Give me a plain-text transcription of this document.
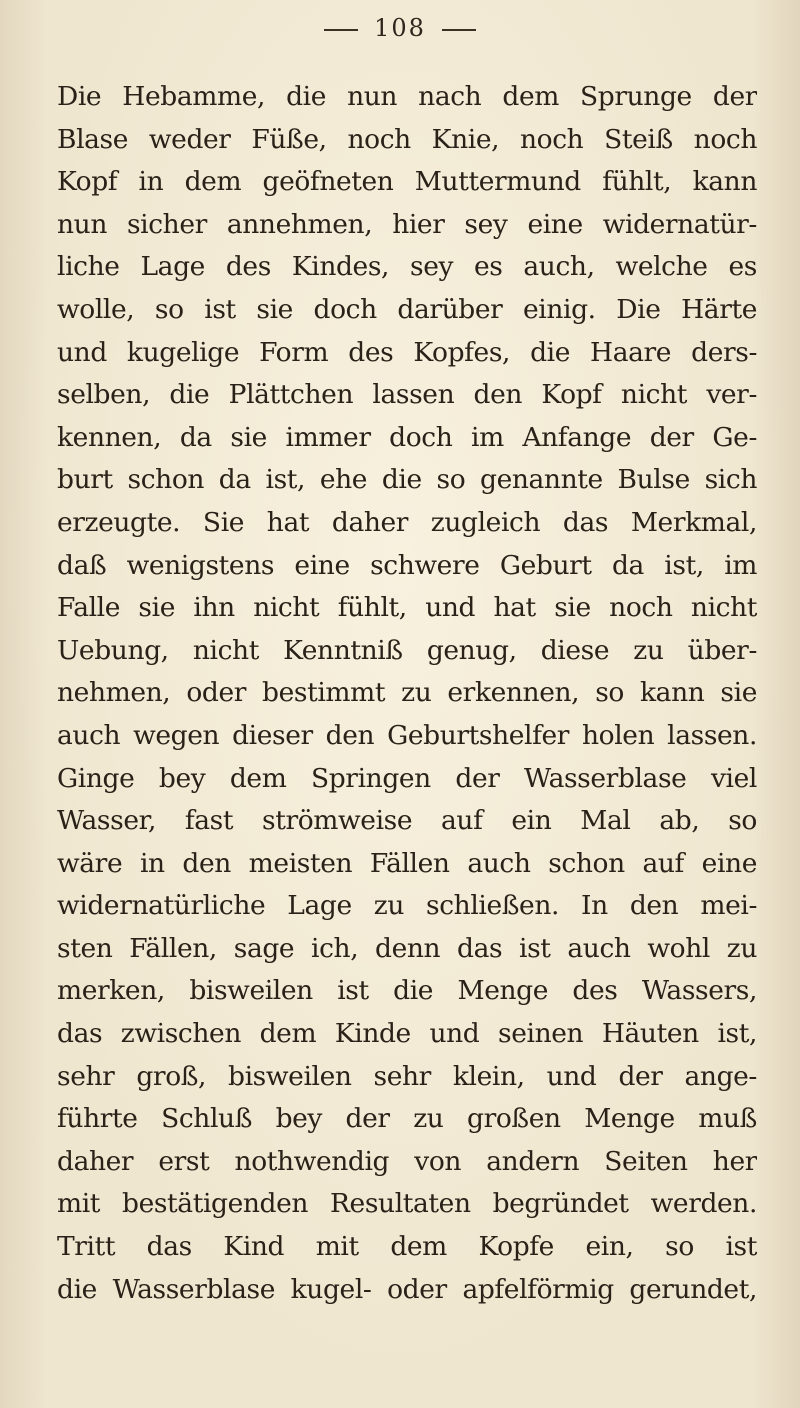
108
Die Hebamme, die nun nach dem Sprunge der
Blase weder Füße, noch Knie, noch Steiß noch
Kopf in dem geöfneten Muttermund fühlt, kann
nun sicher annehmen, hier sey eine widernatür-
liche Lage des Kindes, sey es auch, welche es
wolle, so ist sie doch darüber einig. Die Härte
und kugelige Form des Kopfes, die Haare ders-
selben, die Plättchen lassen den Kopf nicht ver-
kennen, da sie immer doch im Anfange der Ge-
burt schon da ist, ehe die so genannte Bulse sich
erzeugte. Sie hat daher zugleich das Merkmal,
daß wenigstens eine schwere Geburt da ist, im
Falle sie ihn nicht fühlt, und hat sie noch nicht
Uebung, nicht Kenntniß genug, diese zu über-
nehmen, oder bestimmt zu erkennen, so kann sie
auch wegen dieser den Geburtshelfer holen lassen.
Ginge bey dem Springen der Wasserblase viel
Wasser, fast strömweise auf ein Mal ab, so
wäre in den meisten Fällen auch schon auf eine
widernatürliche Lage zu schließen. In den mei-
sten Fällen, sage ich, denn das ist auch wohl zu
merken, bisweilen ist die Menge des Wassers,
das zwischen dem Kinde und seinen Häuten ist,
sehr groß, bisweilen sehr klein, und der ange-
führte Schluß bey der zu großen Menge muß
daher erst nothwendig von andern Seiten her
mit bestätigenden Resultaten begründet werden.
Tritt das Kind mit dem Kopfe ein, so ist
die Wasserblase kugel- oder apfelförmig gerundet,
